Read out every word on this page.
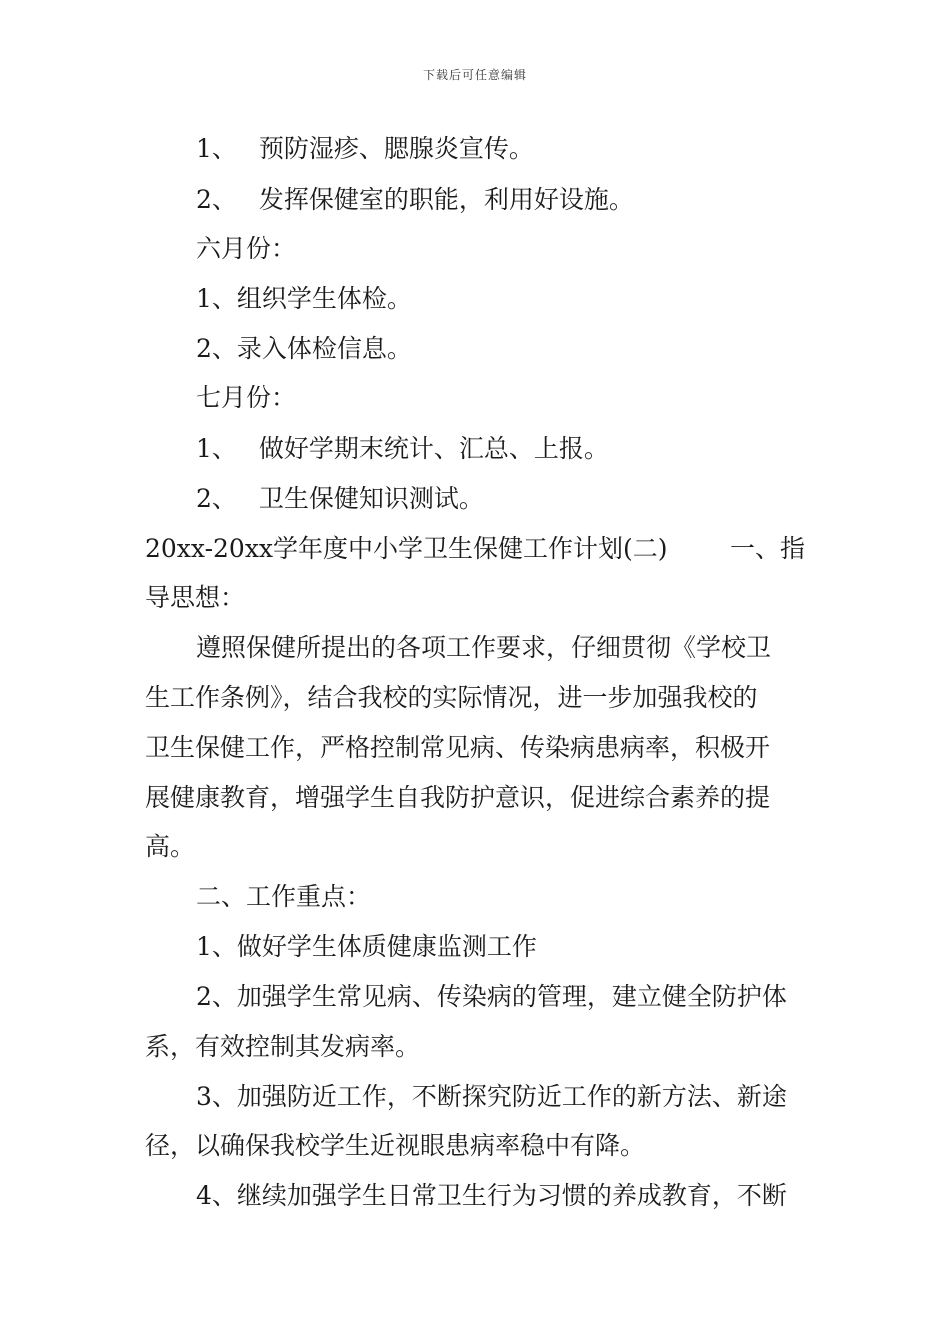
下载后可任意编辑
1、 预防湿疹、腮腺炎宣传。
2、 发挥保健室的职能，利用好设施。
六月份：
1、组织学生体检。
2、录入体检信息。
七月份：
1、 做好学期末统计、汇总、上报。
2、 卫生保健知识测试。
20xx-20xx学年度中小学卫生保健工作计划(二) 一、指
导思想：
遵照保健所提出的各项工作要求，仔细贯彻《学校卫
生工作条例》，结合我校的实际情况，进一步加强我校的
卫生保健工作，严格控制常见病、传染病患病率，积极开
展健康教育，增强学生自我防护意识，促进综合素养的提
高。
二、工作重点：
1、做好学生体质健康监测工作
2、加强学生常见病、传染病的管理，建立健全防护体
系，有效控制其发病率。
3、加强防近工作，不断探究防近工作的新方法、新途
径，以确保我校学生近视眼患病率稳中有降。
4、继续加强学生日常卫生行为习惯的养成教育，不断
